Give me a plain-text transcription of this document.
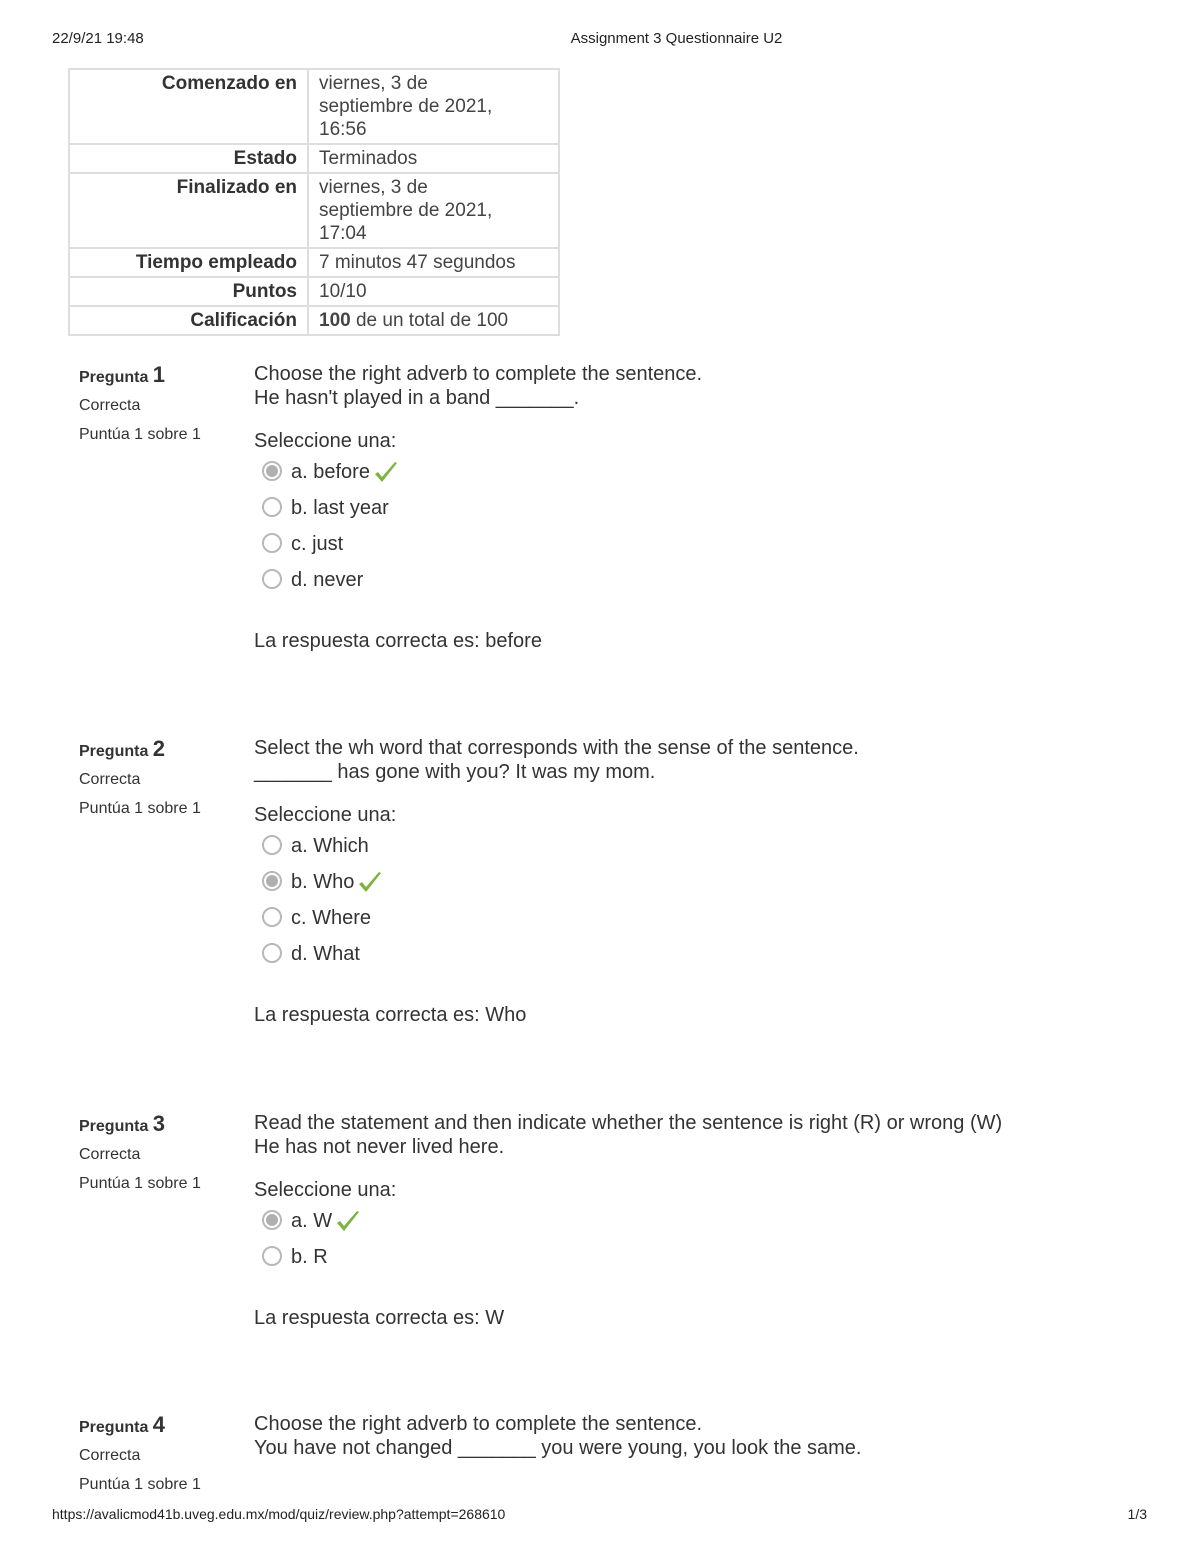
22/9/21 19:48	Assignment 3 Questionnaire U2
Comenzado en	viernes, 3 de
septiembre de 2021,
16:56

Estado	Terminados

Finalizado en	viernes, 3 de
septiembre de 2021,
17:04

Tiempo empleado	7 minutos 47 segundos

Puntos	10/10

Calificación	100 de un total de 100
Pregunta 1
Correcta
Puntúa 1 sobre 1
Choose the right adverb to complete the sentence.
He hasn't played in a band _______.
Seleccione una:
a. before
b. last year
c. just
d. never
La respuesta correcta es: before
Pregunta 2
Correcta
Puntúa 1 sobre 1
Select the wh word that corresponds with the sense of the sentence.
_______ has gone with you? It was my mom.
Seleccione una:
a. Which
b. Who
c. Where
d. What
La respuesta correcta es: Who
Pregunta 3
Correcta
Puntúa 1 sobre 1
Read the statement and then indicate whether the sentence is right (R) or wrong (W)
He has not never lived here.
Seleccione una:
a. W
b. R
La respuesta correcta es: W
Pregunta 4
Correcta
Puntúa 1 sobre 1
Choose the right adverb to complete the sentence.
You have not changed _______ you were young, you look the same.
https://avalicmod41b.uveg.edu.mx/mod/quiz/review.php?attempt=268610	1/3
